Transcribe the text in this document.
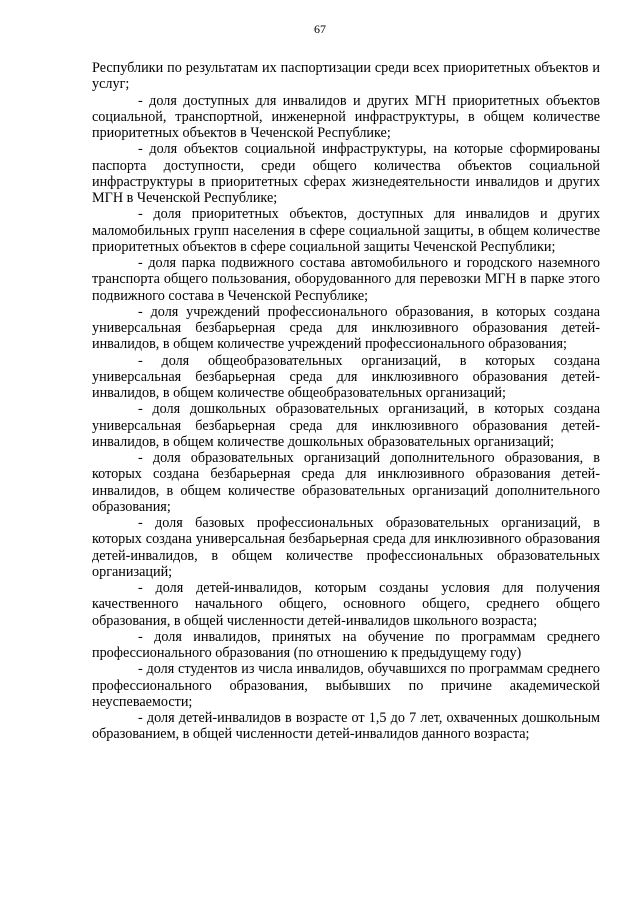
67

Республики по результатам их паспортизации среди всех приоритетных объектов и услуг;

- доля доступных для инвалидов и других МГН приоритетных объектов социальной, транспортной, инженерной инфраструктуры, в общем количестве приоритетных объектов в Чеченской Республике;

- доля объектов социальной инфраструктуры, на которые сформированы паспорта доступности, среди общего количества объектов социальной инфраструктуры в приоритетных сферах жизнедеятельности инвалидов и других МГН в Чеченской Республике;

- доля приоритетных объектов, доступных для инвалидов и других маломобильных групп населения в сфере социальной защиты, в общем количестве приоритетных объектов в сфере социальной защиты Чеченской Республики;

- доля парка подвижного состава автомобильного и городского наземного транспорта общего пользования, оборудованного для перевозки МГН в парке этого подвижного состава в Чеченской Республике;

- доля учреждений профессионального образования, в которых создана универсальная безбарьерная среда для инклюзивного образования детей-инвалидов, в общем количестве учреждений профессионального образования;

- доля общеобразовательных организаций, в которых создана универсальная безбарьерная среда для инклюзивного образования детей-инвалидов, в общем количестве общеобразовательных организаций;

- доля дошкольных образовательных организаций, в которых создана универсальная безбарьерная среда для инклюзивного образования детей-инвалидов, в общем количестве дошкольных образовательных организаций;

- доля образовательных организаций дополнительного образования, в которых создана безбарьерная среда для инклюзивного образования детей-инвалидов, в общем количестве образовательных организаций дополнительного образования;

- доля базовых профессиональных образовательных организаций, в которых создана универсальная безбарьерная среда для инклюзивного образования детей-инвалидов, в общем количестве профессиональных образовательных организаций;

- доля детей-инвалидов, которым созданы условия для получения качественного начального общего, основного общего, среднего общего образования, в общей численности детей-инвалидов школьного возраста;

- доля инвалидов, принятых на обучение по программам среднего профессионального образования (по отношению к предыдущему году)

- доля студентов из числа инвалидов, обучавшихся по программам среднего профессионального образования, выбывших по причине академической неуспеваемости;

- доля детей-инвалидов в возрасте от 1,5 до 7 лет, охваченных дошкольным образованием, в общей численности детей-инвалидов данного возраста;
